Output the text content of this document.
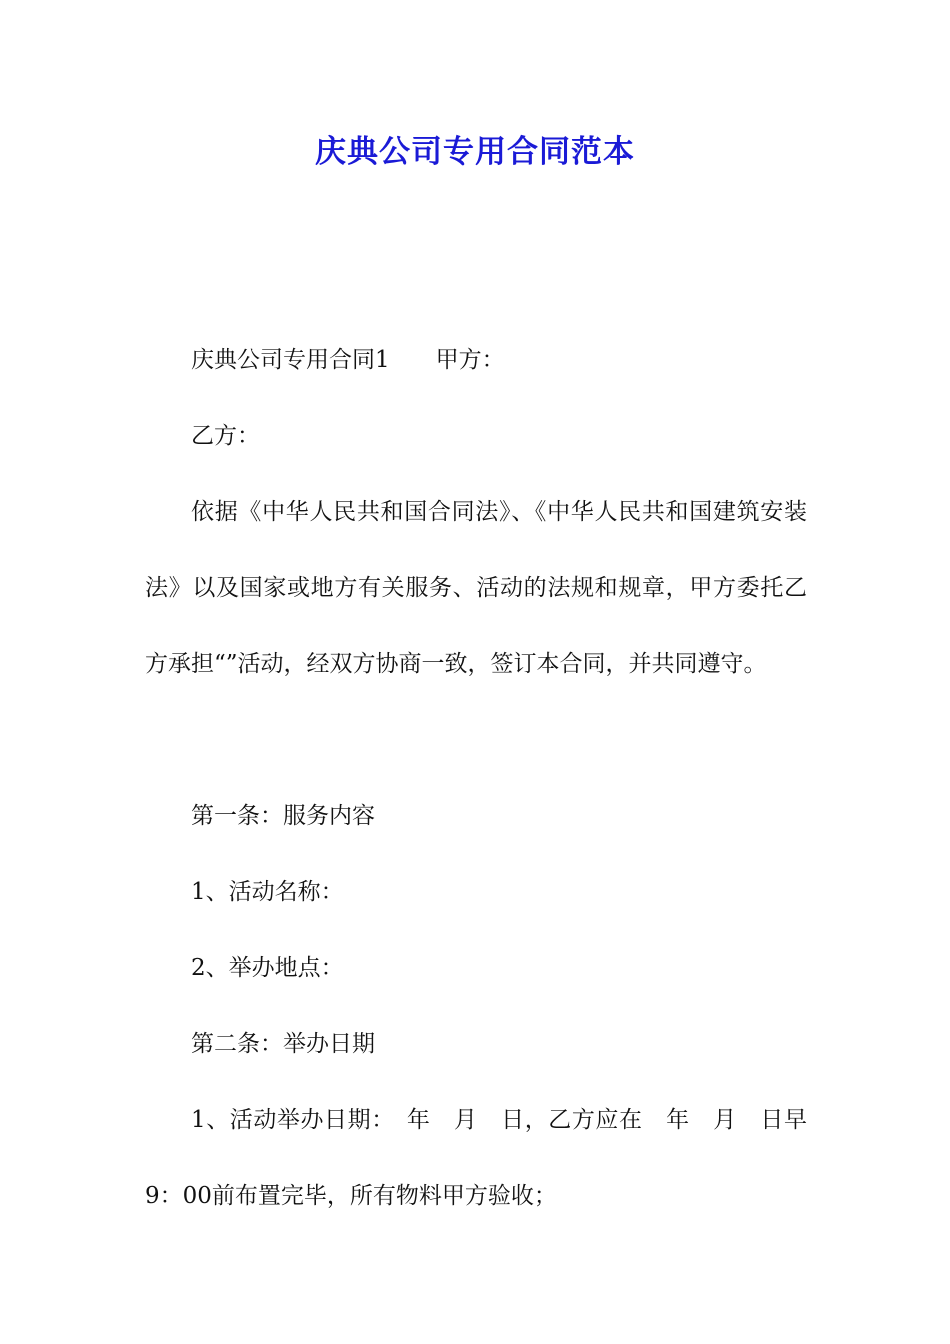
庆典公司专用合同范本

庆典公司专用合同1　　甲方：

乙方：

依据《中华人民共和国合同法》、《中华人民共和国建筑安装法》以及国家或地方有关服务、活动的法规和规章，甲方委托乙方承担“”活动，经双方协商一致，签订本合同，并共同遵守。

第一条：服务内容

1、活动名称：

2、举办地点：

第二条：举办日期

1、活动举办日期：　年　月　日，乙方应在　年　月　日早9：00前布置完毕，所有物料甲方验收；
